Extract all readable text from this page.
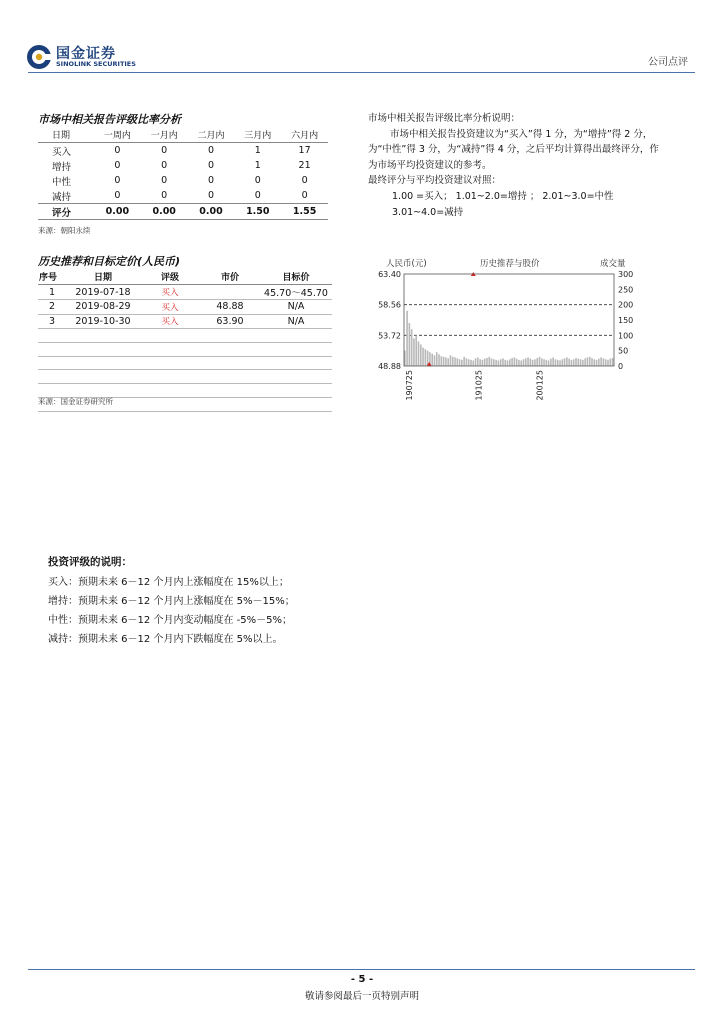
国金证券
SINOLINK SECURITIES	公司点评
市场中相关报告评级比率分析
日期	一周内	一月内	二月内	三月内	六月内
买入	0	0	0	1	17
增持	0	0	0	1	21
中性	0	0	0	0	0
减持	0	0	0	0	0
评分	0.00	0.00	0.00	1.50	1.55
来源：朝阳永续
历史推荐和目标定价(人民币)
序号	日期	评级	市价	目标价
1	2019-07-18	买入		45.70～45.70
2	2019-08-29	买入	48.88	N/A
3	2019-10-30	买入	63.90	N/A

来源：国金证券研究所

市场中相关报告评级比率分析说明：

市场中相关报告投资建议为“买入”得 1 分，为“增持”得 2 分，为“中性”得 3 分，为“减持”得 4 分，之后平均计算得出最终评分，作为市场平均投资建议的参考。

最终评分与平均投资建议对照：

1.00 =买入； 1.01~2.0=增持 ； 2.01~3.0=中性

3.01~4.0=减持

人民币(元)	历史推荐与股价	成交量
63.40
58.56
53.72
48.88
300
250
200
150
100
50
0
190725	191025	200125
投资评级的说明：
买入：预期未来 6－12 个月内上涨幅度在 15%以上；
增持：预期未来 6－12 个月内上涨幅度在 5%－15%；
中性：预期未来 6－12 个月内变动幅度在 -5%－5%；
减持：预期未来 6－12 个月内下跌幅度在 5%以上。
- 5 -
敬请参阅最后一页特别声明
